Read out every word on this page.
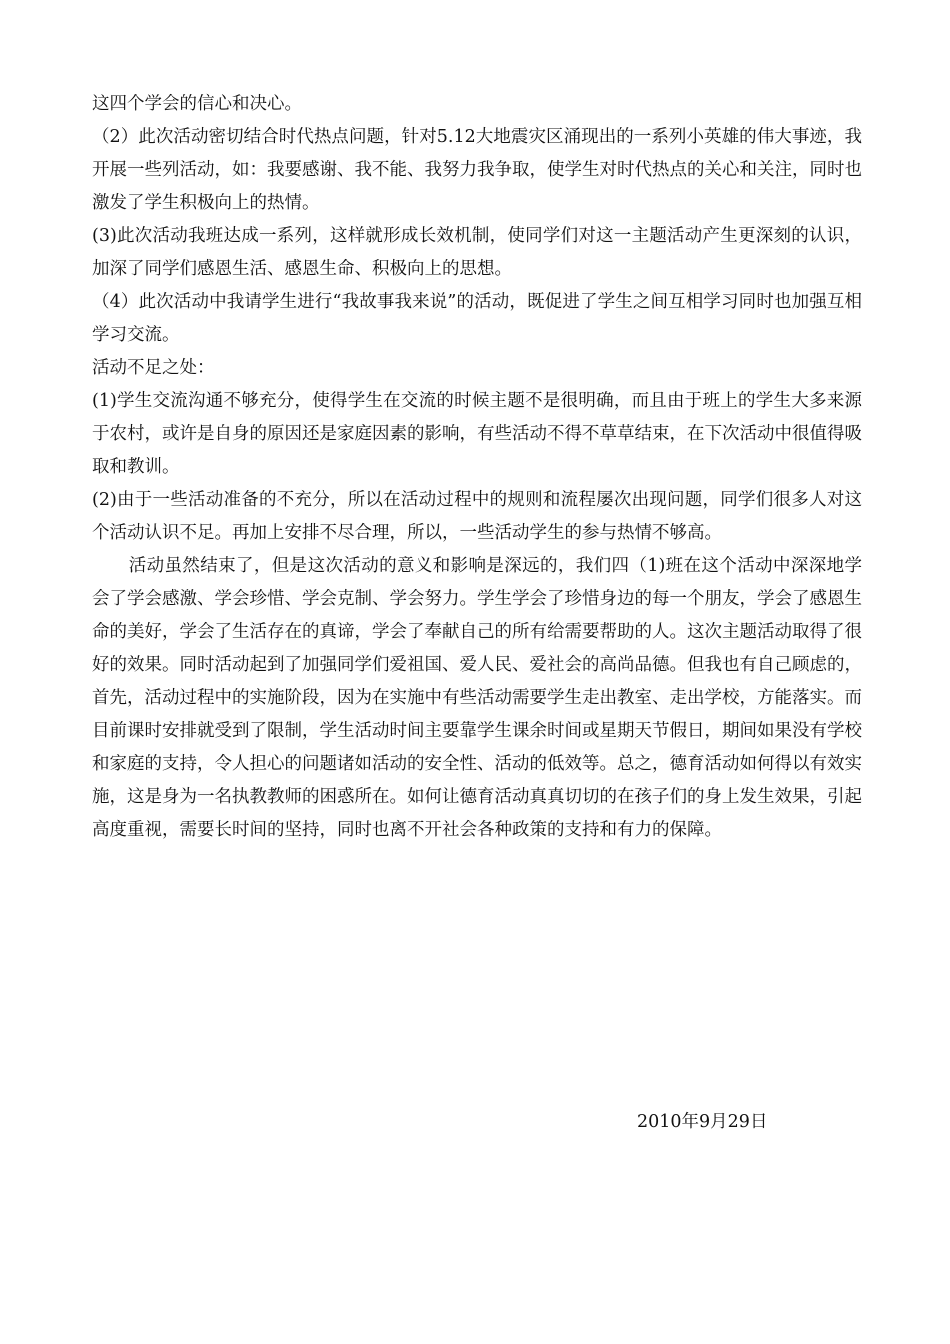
这四个学会的信心和决心。

（2）此次活动密切结合时代热点问题，针对5.12大地震灾区涌现出的一系列小英雄的伟大事迹，我开展一些列活动，如：我要感谢、我不能、我努力我争取，使学生对时代热点的关心和关注，同时也激发了学生积极向上的热情。

(3)此次活动我班达成一系列，这样就形成长效机制，使同学们对这一主题活动产生更深刻的认识，加深了同学们感恩生活、感恩生命、积极向上的思想。

（4）此次活动中我请学生进行“我故事我来说”的活动，既促进了学生之间互相学习同时也加强互相学习交流。

活动不足之处：

(1)学生交流沟通不够充分，使得学生在交流的时候主题不是很明确，而且由于班上的学生大多来源于农村，或许是自身的原因还是家庭因素的影响，有些活动不得不草草结束，在下次活动中很值得吸取和教训。

(2)由于一些活动准备的不充分，所以在活动过程中的规则和流程屡次出现问题，同学们很多人对这个活动认识不足。再加上安排不尽合理，所以，一些活动学生的参与热情不够高。

活动虽然结束了，但是这次活动的意义和影响是深远的，我们四（1)班在这个活动中深深地学会了学会感激、学会珍惜、学会克制、学会努力。学生学会了珍惜身边的每一个朋友，学会了感恩生命的美好，学会了生活存在的真谛，学会了奉献自己的所有给需要帮助的人。这次主题活动取得了很好的效果。同时活动起到了加强同学们爱祖国、爱人民、爱社会的高尚品德。但我也有自己顾虑的，首先，活动过程中的实施阶段，因为在实施中有些活动需要学生走出教室、走出学校，方能落实。而目前课时安排就受到了限制，学生活动时间主要靠学生课余时间或星期天节假日，期间如果没有学校和家庭的支持，令人担心的问题诸如活动的安全性、活动的低效等。总之，德育活动如何得以有效实施，这是身为一名执教教师的困惑所在。如何让德育活动真真切切的在孩子们的身上发生效果，引起高度重视，需要长时间的坚持，同时也离不开社会各种政策的支持和有力的保障。

2010年9月29日
